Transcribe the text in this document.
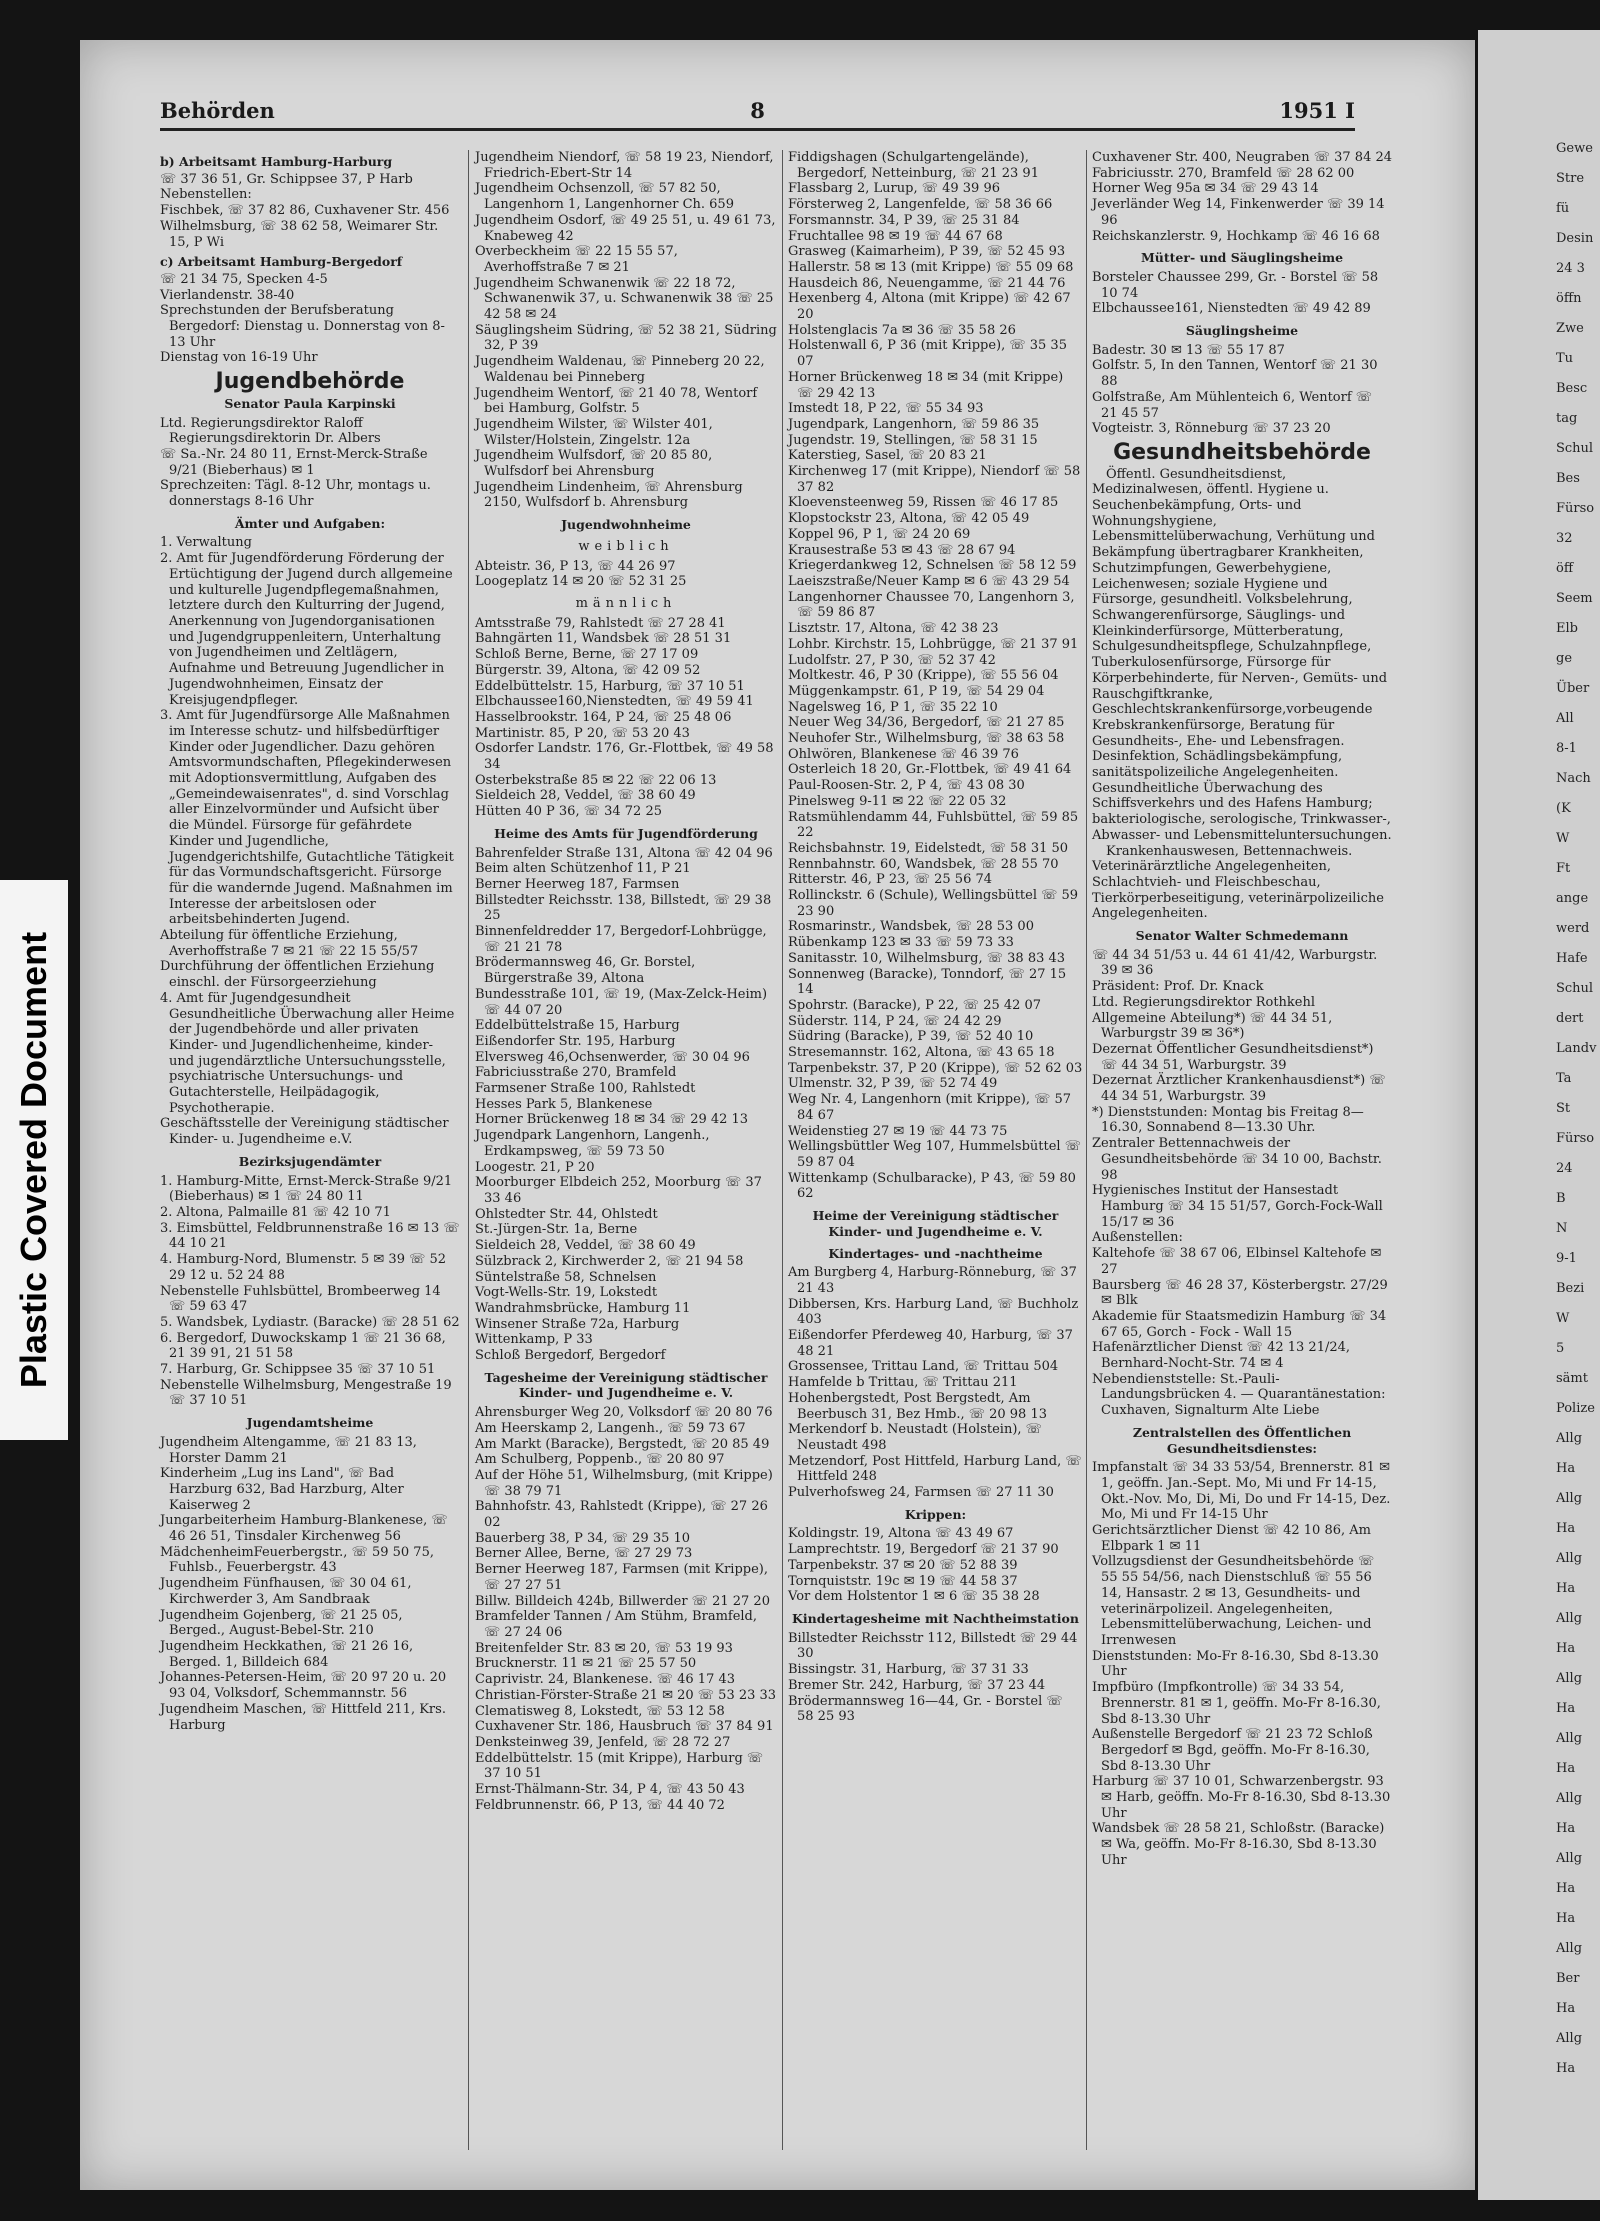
Gewe
Stre
fü
Desin
24 3
öffn
Zwe
Tu
Besc
tag
Schul
Bes
Fürso
32
öff
Seem
Elb
ge
Über
All
8-1
Nach
(K
W
Ft
ange
werd
Hafe
Schul
dert
Landv
Ta
St
Fürso
24
B
N
9-1
Bezi
W
5
sämt
Polize
Allg
Ha
Allg
Ha
Allg
Ha
Allg
Ha
Allg
Ha
Allg
Ha
Allg
Ha
Allg
Ha
Ha
Allg
Ber
Ha
Allg
Ha
Plastic Covered Document
Behörden	8	1951 I

b) Arbeitsamt Hamburg-Harburg

☏ 37 36 51, Gr. Schippsee 37, P Harb

Nebenstellen:

Fischbek, ☏ 37 82 86, Cuxhavener Str. 456

Wilhelmsburg, ☏ 38 62 58, Weimarer Str. 15, P Wi

c) Arbeitsamt Hamburg-Bergedorf

☏ 21 34 75, Specken 4-5

Vierlandenstr. 38-40

Sprechstunden der Berufsberatung Bergedorf: Dienstag u. Donnerstag von 8-13 Uhr

Dienstag von 16-19 Uhr

Jugendbehörde

Senator Paula Karpinski

Ltd. Regierungsdirektor Raloff Regierungsdirektorin Dr. Albers

☏ Sa.-Nr. 24 80 11, Ernst-Merck-Straße 9/21 (Bieberhaus) ✉ 1

Sprechzeiten: Tägl. 8-12 Uhr, montags u. donnerstags 8-16 Uhr

Ämter und Aufgaben:

1. Verwaltung

2. Amt für Jugendförderung Förderung der Ertüchtigung der Jugend durch allgemeine und kulturelle Jugendpflegemaßnahmen, letztere durch den Kulturring der Jugend, Anerkennung von Jugendorganisationen und Jugendgruppenleitern, Unterhaltung von Jugendheimen und Zeltlägern, Aufnahme und Betreuung Jugendlicher in Jugendwohnheimen, Einsatz der Kreisjugendpfleger.

3. Amt für Jugendfürsorge Alle Maßnahmen im Interesse schutz- und hilfsbedürftiger Kinder oder Jugendlicher. Dazu gehören Amtsvormundschaften, Pflegekinderwesen mit Adoptionsvermittlung, Aufgaben des „Gemeindewaisenrates", d. sind Vorschlag aller Einzelvormünder und Aufsicht über die Mündel. Fürsorge für gefährdete Kinder und Jugendliche, Jugendgerichtshilfe, Gutachtliche Tätigkeit für das Vormundschaftsgericht. Fürsorge für die wandernde Jugend. Maßnahmen im Interesse der arbeitslosen oder arbeitsbehinderten Jugend.

Abteilung für öffentliche Erziehung, Averhoffstraße 7 ✉ 21 ☏ 22 15 55/57

Durchführung der öffentlichen Erziehung einschl. der Fürsorgeerziehung

4. Amt für Jugendgesundheit Gesundheitliche Überwachung aller Heime der Jugendbehörde und aller privaten Kinder- und Jugendlichenheime, kinder- und jugendärztliche Untersuchungsstelle, psychiatrische Untersuchungs- und Gutachterstelle, Heilpädagogik, Psychotherapie.

Geschäftsstelle der Vereinigung städtischer Kinder- u. Jugendheime e.V.

Bezirksjugendämter

1. Hamburg-Mitte, Ernst-Merck-Straße 9/21 (Bieberhaus) ✉ 1 ☏ 24 80 11

2. Altona, Palmaille 81 ☏ 42 10 71

3. Eimsbüttel, Feldbrunnenstraße 16 ✉ 13 ☏ 44 10 21

4. Hamburg-Nord, Blumenstr. 5 ✉ 39 ☏ 52 29 12 u. 52 24 88

Nebenstelle Fuhlsbüttel, Brombeerweg 14 ☏ 59 63 47

5. Wandsbek, Lydiastr. (Baracke) ☏ 28 51 62

6. Bergedorf, Duwockskamp 1 ☏ 21 36 68, 21 39 91, 21 51 58

7. Harburg, Gr. Schippsee 35 ☏ 37 10 51

Nebenstelle Wilhelmsburg, Mengestraße 19 ☏ 37 10 51

Jugendamtsheime

Jugendheim Altengamme, ☏ 21 83 13, Horster Damm 21

Kinderheim „Lug ins Land", ☏ Bad Harzburg 632, Bad Harzburg, Alter Kaiserweg 2

Jungarbeiterheim Hamburg-Blankenese, ☏ 46 26 51, Tinsdaler Kirchenweg 56

MädchenheimFeuerbergstr., ☏ 59 50 75, Fuhlsb., Feuerbergstr. 43

Jugendheim Fünfhausen, ☏ 30 04 61, Kirchwerder 3, Am Sandbraak

Jugendheim Gojenberg, ☏ 21 25 05, Berged., August-Bebel-Str. 210

Jugendheim Heckkathen, ☏ 21 26 16, Berged. 1, Billdeich 684

Johannes-Petersen-Heim, ☏ 20 97 20 u. 20 93 04, Volksdorf, Schemmannstr. 56

Jugendheim Maschen, ☏ Hittfeld 211, Krs. Harburg

Jugendheim Niendorf, ☏ 58 19 23, Niendorf, Friedrich-Ebert-Str 14

Jugendheim Ochsenzoll, ☏ 57 82 50, Langenhorn 1, Langenhorner Ch. 659

Jugendheim Osdorf, ☏ 49 25 51, u. 49 61 73, Knabeweg 42

Overbeckheim ☏ 22 15 55 57, Averhoffstraße 7 ✉ 21

Jugendheim Schwanenwik ☏ 22 18 72, Schwanenwik 37, u. Schwanenwik 38 ☏ 25 42 58 ✉ 24

Säuglingsheim Südring, ☏ 52 38 21, Südring 32, P 39

Jugendheim Waldenau, ☏ Pinneberg 20 22, Waldenau bei Pinneberg

Jugendheim Wentorf, ☏ 21 40 78, Wentorf bei Hamburg, Golfstr. 5

Jugendheim Wilster, ☏ Wilster 401, Wilster/Holstein, Zingelstr. 12a

Jugendheim Wulfsdorf, ☏ 20 85 80, Wulfsdorf bei Ahrensburg

Jugendheim Lindenheim, ☏ Ahrensburg 2150, Wulfsdorf b. Ahrensburg

Jugendwohnheime

weiblich

Abteistr. 36, P 13, ☏ 44 26 97

Loogeplatz 14 ✉ 20 ☏ 52 31 25

männlich

Amtsstraße 79, Rahlstedt ☏ 27 28 41

Bahngärten 11, Wandsbek ☏ 28 51 31

Schloß Berne, Berne, ☏ 27 17 09

Bürgerstr. 39, Altona, ☏ 42 09 52

Eddelbüttelstr. 15, Harburg, ☏ 37 10 51

Elbchaussee160,Nienstedten, ☏ 49 59 41

Hasselbrookstr. 164, P 24, ☏ 25 48 06

Martinistr. 85, P 20, ☏ 53 20 43

Osdorfer Landstr. 176, Gr.-Flottbek, ☏ 49 58 34

Osterbekstraße 85 ✉ 22 ☏ 22 06 13

Sieldeich 28, Veddel, ☏ 38 60 49

Hütten 40 P 36, ☏ 34 72 25

Heime des Amts für Jugendförderung

Bahrenfelder Straße 131, Altona ☏ 42 04 96

Beim alten Schützenhof 11, P 21

Berner Heerweg 187, Farmsen

Billstedter Reichsstr. 138, Billstedt, ☏ 29 38 25

Binnenfeldredder 17, Bergedorf-Lohbrügge, ☏ 21 21 78

Brödermannsweg 46, Gr. Borstel, Bürgerstraße 39, Altona

Bundesstraße 101, ☏ 19, (Max-Zelck-Heim) ☏ 44 07 20

Eddelbüttelstraße 15, Harburg

Eißendorfer Str. 195, Harburg

Elversweg 46,Ochsenwerder, ☏ 30 04 96

Fabriciusstraße 270, Bramfeld

Farmsener Straße 100, Rahlstedt

Hesses Park 5, Blankenese

Horner Brückenweg 18 ✉ 34 ☏ 29 42 13

Jugendpark Langenhorn, Langenh., Erdkampsweg, ☏ 59 73 50

Loogestr. 21, P 20

Moorburger Elbdeich 252, Moorburg ☏ 37 33 46

Ohlstedter Str. 44, Ohlstedt

St.-Jürgen-Str. 1a, Berne

Sieldeich 28, Veddel, ☏ 38 60 49

Sülzbrack 2, Kirchwerder 2, ☏ 21 94 58

Süntelstraße 58, Schnelsen

Vogt-Wells-Str. 19, Lokstedt

Wandrahmsbrücke, Hamburg 11

Winsener Straße 72a, Harburg

Wittenkamp, P 33

Schloß Bergedorf, Bergedorf

Tagesheime der Vereinigung städtischer Kinder- und Jugendheime e. V.

Ahrensburger Weg 20, Volksdorf ☏ 20 80 76

Am Heerskamp 2, Langenh., ☏ 59 73 67

Am Markt (Baracke), Bergstedt, ☏ 20 85 49

Am Schulberg, Poppenb., ☏ 20 80 97

Auf der Höhe 51, Wilhelmsburg, (mit Krippe) ☏ 38 79 71

Bahnhofstr. 43, Rahlstedt (Krippe), ☏ 27 26 02

Bauerberg 38, P 34, ☏ 29 35 10

Berner Allee, Berne, ☏ 27 29 73

Berner Heerweg 187, Farmsen (mit Krippe), ☏ 27 27 51

Billw. Billdeich 424b, Billwerder ☏ 21 27 20

Bramfelder Tannen / Am Stühm, Bramfeld, ☏ 27 24 06

Breitenfelder Str. 83 ✉ 20, ☏ 53 19 93

Brucknerstr. 11 ✉ 21 ☏ 25 57 50

Caprivistr. 24, Blankenese. ☏ 46 17 43

Christian-Förster-Straße 21 ✉ 20 ☏ 53 23 33

Clematisweg 8, Lokstedt, ☏ 53 12 58

Cuxhavener Str. 186, Hausbruch ☏ 37 84 91

Denksteinweg 39, Jenfeld, ☏ 28 72 27

Eddelbüttelstr. 15 (mit Krippe), Harburg ☏ 37 10 51

Ernst-Thälmann-Str. 34, P 4, ☏ 43 50 43

Feldbrunnenstr. 66, P 13, ☏ 44 40 72

Fiddigshagen (Schulgartengelände), Bergedorf, Netteinburg, ☏ 21 23 91

Flassbarg 2, Lurup, ☏ 49 39 96

Försterweg 2, Langenfelde, ☏ 58 36 66

Forsmannstr. 34, P 39, ☏ 25 31 84

Fruchtallee 98 ✉ 19 ☏ 44 67 68

Grasweg (Kaimarheim), P 39, ☏ 52 45 93

Hallerstr. 58 ✉ 13 (mit Krippe) ☏ 55 09 68

Hausdeich 86, Neuengamme, ☏ 21 44 76

Hexenberg 4, Altona (mit Krippe) ☏ 42 67 20

Holstenglacis 7a ✉ 36 ☏ 35 58 26

Holstenwall 6, P 36 (mit Krippe), ☏ 35 35 07

Horner Brückenweg 18 ✉ 34 (mit Krippe) ☏ 29 42 13

Imstedt 18, P 22, ☏ 55 34 93

Jugendpark, Langenhorn, ☏ 59 86 35

Jugendstr. 19, Stellingen, ☏ 58 31 15

Katerstieg, Sasel, ☏ 20 83 21

Kirchenweg 17 (mit Krippe), Niendorf ☏ 58 37 82

Kloevensteenweg 59, Rissen ☏ 46 17 85

Klopstockstr 23, Altona, ☏ 42 05 49

Koppel 96, P 1, ☏ 24 20 69

Krausestraße 53 ✉ 43 ☏ 28 67 94

Kriegerdankweg 12, Schnelsen ☏ 58 12 59

Laeiszstraße/Neuer Kamp ✉ 6 ☏ 43 29 54

Langenhorner Chaussee 70, Langenhorn 3, ☏ 59 86 87

Lisztstr. 17, Altona, ☏ 42 38 23

Lohbr. Kirchstr. 15, Lohbrügge, ☏ 21 37 91

Ludolfstr. 27, P 30, ☏ 52 37 42

Moltkestr. 46, P 30 (Krippe), ☏ 55 56 04

Müggenkampstr. 61, P 19, ☏ 54 29 04

Nagelsweg 16, P 1, ☏ 35 22 10

Neuer Weg 34/36, Bergedorf, ☏ 21 27 85

Neuhofer Str., Wilhelmsburg, ☏ 38 63 58

Ohlwören, Blankenese ☏ 46 39 76

Osterleich 18 20, Gr.-Flottbek, ☏ 49 41 64

Paul-Roosen-Str. 2, P 4, ☏ 43 08 30

Pinelsweg 9-11 ✉ 22 ☏ 22 05 32

Ratsmühlendamm 44, Fuhlsbüttel, ☏ 59 85 22

Reichsbahnstr. 19, Eidelstedt, ☏ 58 31 50

Rennbahnstr. 60, Wandsbek, ☏ 28 55 70

Ritterstr. 46, P 23, ☏ 25 56 74

Rollinckstr. 6 (Schule), Wellingsbüttel ☏ 59 23 90

Rosmarinstr., Wandsbek, ☏ 28 53 00

Rübenkamp 123 ✉ 33 ☏ 59 73 33

Sanitasstr. 10, Wilhelmsburg, ☏ 38 83 43

Sonnenweg (Baracke), Tonndorf, ☏ 27 15 14

Spohrstr. (Baracke), P 22, ☏ 25 42 07

Süderstr. 114, P 24, ☏ 24 42 29

Südring (Baracke), P 39, ☏ 52 40 10

Stresemannstr. 162, Altona, ☏ 43 65 18

Tarpenbekstr. 37, P 20 (Krippe), ☏ 52 62 03

Ulmenstr. 32, P 39, ☏ 52 74 49

Weg Nr. 4, Langenhorn (mit Krippe), ☏ 57 84 67

Weidenstieg 27 ✉ 19 ☏ 44 73 75

Wellingsbüttler Weg 107, Hummelsbüttel ☏ 59 87 04

Wittenkamp (Schulbaracke), P 43, ☏ 59 80 62

Heime der Vereinigung städtischer Kinder- und Jugendheime e. V.

Kindertages- und -nachtheime

Am Burgberg 4, Harburg-Rönneburg, ☏ 37 21 43

Dibbersen, Krs. Harburg Land, ☏ Buchholz 403

Eißendorfer Pferdeweg 40, Harburg, ☏ 37 48 21

Grossensee, Trittau Land, ☏ Trittau 504

Hamfelde b Trittau, ☏ Trittau 211

Hohenbergstedt, Post Bergstedt, Am Beerbusch 31, Bez Hmb., ☏ 20 98 13

Merkendorf b. Neustadt (Holstein), ☏ Neustadt 498

Metzendorf, Post Hittfeld, Harburg Land, ☏ Hittfeld 248

Pulverhofsweg 24, Farmsen ☏ 27 11 30

Krippen:

Koldingstr. 19, Altona ☏ 43 49 67

Lamprechtstr. 19, Bergedorf ☏ 21 37 90

Tarpenbekstr. 37 ✉ 20 ☏ 52 88 39

Tornquiststr. 19c ✉ 19 ☏ 44 58 37

Vor dem Holstentor 1 ✉ 6 ☏ 35 38 28

Kindertagesheime mit Nachtheimstation

Billstedter Reichsstr 112, Billstedt ☏ 29 44 30

Bissingstr. 31, Harburg, ☏ 37 31 33

Bremer Str. 242, Harburg, ☏ 37 23 44

Brödermannsweg 16—44, Gr. - Borstel ☏ 58 25 93

Cuxhavener Str. 400, Neugraben ☏ 37 84 24

Fabriciusstr. 270, Bramfeld ☏ 28 62 00

Horner Weg 95a ✉ 34 ☏ 29 43 14

Jeverländer Weg 14, Finkenwerder ☏ 39 14 96

Reichskanzlerstr. 9, Hochkamp ☏ 46 16 68

Mütter- und Säuglingsheime

Borsteler Chaussee 299, Gr. - Borstel ☏ 58 10 74

Elbchaussee161, Nienstedten ☏ 49 42 89

Säuglingsheime

Badestr. 30 ✉ 13 ☏ 55 17 87

Golfstr. 5, In den Tannen, Wentorf ☏ 21 30 88

Golfstraße, Am Mühlenteich 6, Wentorf ☏ 21 45 57

Vogteistr. 3, Rönneburg ☏ 37 23 20

Gesundheitsbehörde

Öffentl. Gesundheitsdienst, Medizinalwesen, öffentl. Hygiene u. Seuchenbekämpfung, Orts- und Wohnungshygiene, Lebensmittelüberwachung, Verhütung und Bekämpfung übertragbarer Krankheiten, Schutzimpfungen, Gewerbehygiene, Leichenwesen; soziale Hygiene und Fürsorge, gesundheitl. Volksbelehrung, Schwangerenfürsorge, Säuglings- und Kleinkinderfürsorge, Mütterberatung, Schulgesundheitspflege, Schulzahnpflege, Tuberkulosenfürsorge, Fürsorge für Körperbehinderte, für Nerven-, Gemüts- und Rauschgiftkranke, Geschlechtskrankenfürsorge,vorbeugende Krebskrankenfürsorge, Beratung für Gesundheits-, Ehe- und Lebensfragen. Desinfektion, Schädlingsbekämpfung, sanitätspolizeiliche Angelegenheiten. Gesundheitliche Überwachung des Schiffsverkehrs und des Hafens Hamburg; bakteriologische, serologische, Trinkwasser-, Abwasser- und Lebensmitteluntersuchungen.

Krankenhauswesen, Bettennachweis. Veterinärärztliche Angelegenheiten, Schlachtvieh- und Fleischbeschau, Tierkörperbeseitigung, veterinärpolizeiliche Angelegenheiten.

Senator Walter Schmedemann

☏ 44 34 51/53 u. 44 61 41/42, Warburgstr. 39 ✉ 36

Präsident: Prof. Dr. Knack

Ltd. Regierungsdirektor Rothkehl

Allgemeine Abteilung*) ☏ 44 34 51, Warburgstr 39 ✉ 36*)

Dezernat Öffentlicher Gesundheitsdienst*) ☏ 44 34 51, Warburgstr. 39

Dezernat Ärztlicher Krankenhausdienst*) ☏ 44 34 51, Warburgstr. 39

*) Dienststunden: Montag bis Freitag 8—16.30, Sonnabend 8—13.30 Uhr.

Zentraler Bettennachweis der Gesundheitsbehörde ☏ 34 10 00, Bachstr. 98

Hygienisches Institut der Hansestadt Hamburg ☏ 34 15 51/57, Gorch-Fock-Wall 15/17 ✉ 36

Außenstellen:

Kaltehofe ☏ 38 67 06, Elbinsel Kaltehofe ✉ 27

Baursberg ☏ 46 28 37, Kösterbergstr. 27/29 ✉ Blk

Akademie für Staatsmedizin Hamburg ☏ 34 67 65, Gorch - Fock - Wall 15

Hafenärztlicher Dienst ☏ 42 13 21/24, Bernhard-Nocht-Str. 74 ✉ 4

Nebendienststelle: St.-Pauli-Landungsbrücken 4. — Quarantänestation: Cuxhaven, Signalturm Alte Liebe

Zentralstellen des Öffentlichen Gesundheitsdienstes:

Impfanstalt ☏ 34 33 53/54, Brennerstr. 81 ✉ 1, geöffn. Jan.-Sept. Mo, Mi und Fr 14-15, Okt.-Nov. Mo, Di, Mi, Do und Fr 14-15, Dez. Mo, Mi und Fr 14-15 Uhr

Gerichtsärztlicher Dienst ☏ 42 10 86, Am Elbpark 1 ✉ 11

Vollzugsdienst der Gesundheitsbehörde ☏ 55 55 54/56, nach Dienstschluß ☏ 55 56 14, Hansastr. 2 ✉ 13, Gesundheits- und veterinärpolizeil. Angelegenheiten, Lebensmittelüberwachung, Leichen- und Irrenwesen

Dienststunden: Mo-Fr 8-16.30, Sbd 8-13.30 Uhr

Impfbüro (Impfkontrolle) ☏ 34 33 54, Brennerstr. 81 ✉ 1, geöffn. Mo-Fr 8-16.30, Sbd 8-13.30 Uhr

Außenstelle Bergedorf ☏ 21 23 72 Schloß Bergedorf ✉ Bgd, geöffn. Mo-Fr 8-16.30, Sbd 8-13.30 Uhr

Harburg ☏ 37 10 01, Schwarzenbergstr. 93 ✉ Harb, geöffn. Mo-Fr 8-16.30, Sbd 8-13.30 Uhr

Wandsbek ☏ 28 58 21, Schloßstr. (Baracke) ✉ Wa, geöffn. Mo-Fr 8-16.30, Sbd 8-13.30 Uhr
